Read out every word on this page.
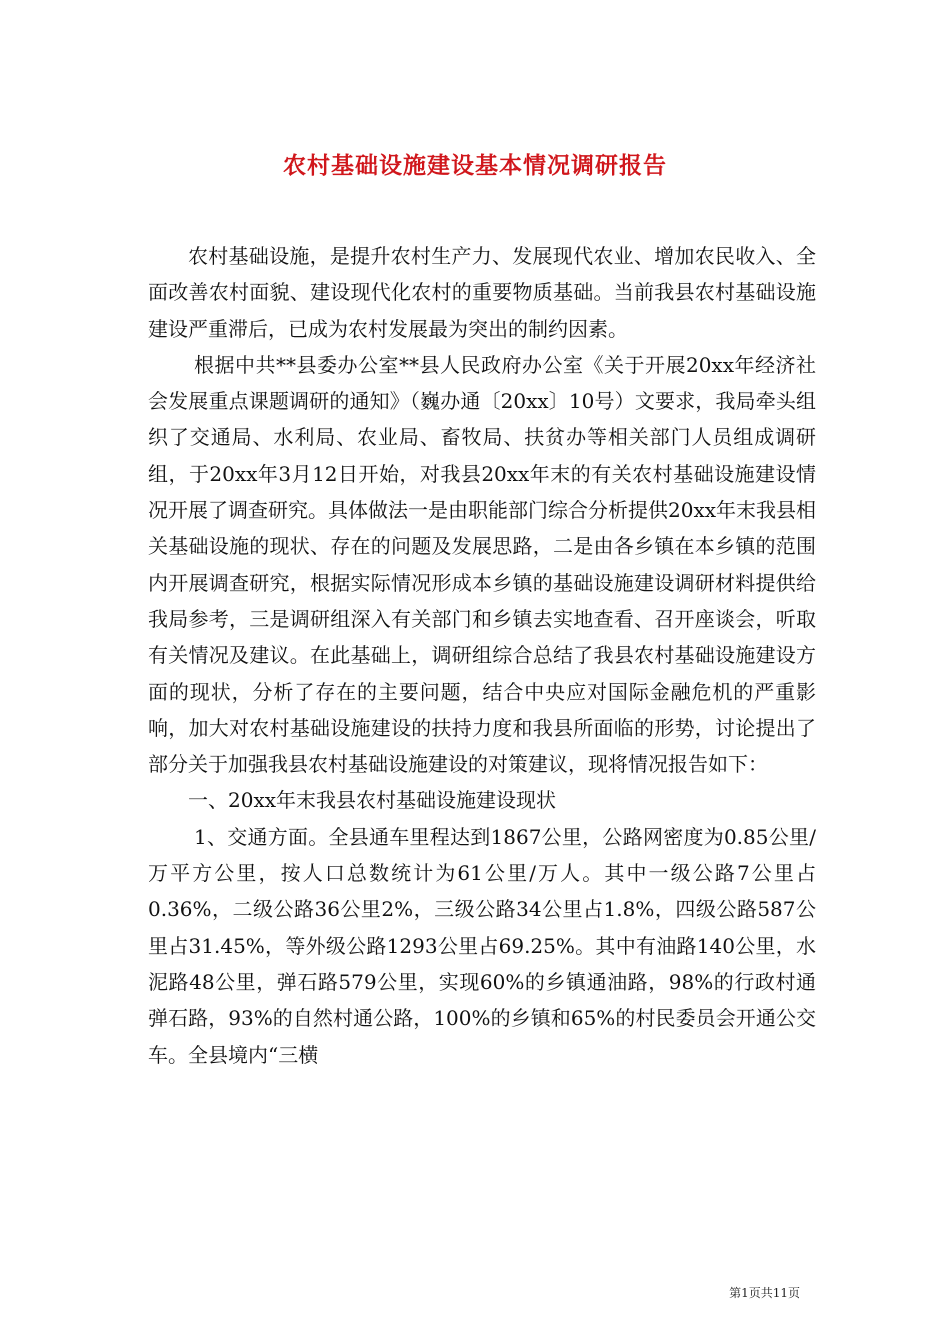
农村基础设施建设基本情况调研报告

农村基础设施，是提升农村生产力、发展现代农业、增加农民收入、全面改善农村面貌、建设现代化农村的重要物质基础。当前我县农村基础设施建设严重滞后，已成为农村发展最为突出的制约因素。

根据中共**县委办公室**县人民政府办公室《关于开展20xx年经济社会发展重点课题调研的通知》（巍办通〔20xx〕10号）文要求，我局牵头组织了交通局、水利局、农业局、畜牧局、扶贫办等相关部门人员组成调研组，于20xx年3月12日开始，对我县20xx年末的有关农村基础设施建设情况开展了调查研究。具体做法一是由职能部门综合分析提供20xx年末我县相关基础设施的现状、存在的问题及发展思路，二是由各乡镇在本乡镇的范围内开展调查研究，根据实际情况形成本乡镇的基础设施建设调研材料提供给我局参考，三是调研组深入有关部门和乡镇去实地查看、召开座谈会，听取有关情况及建议。在此基础上，调研组综合总结了我县农村基础设施建设方面的现状，分析了存在的主要问题，结合中央应对国际金融危机的严重影响，加大对农村基础设施建设的扶持力度和我县所面临的形势，讨论提出了部分关于加强我县农村基础设施建设的对策建议，现将情况报告如下：

一、20xx年末我县农村基础设施建设现状

1、交通方面。全县通车里程达到1867公里，公路网密度为0.85公里/万平方公里，按人口总数统计为61公里/万人。其中一级公路7公里占0.36%，二级公路36公里2%，三级公路34公里占1.8%，四级公路587公里占31.45%，等外级公路1293公里占69.25%。其中有油路140公里，水泥路48公里，弹石路579公里，实现60%的乡镇通油路，98%的行政村通弹石路，93%的自然村通公路，100%的乡镇和65%的村民委员会开通公交车。全县境内“三横

第1页共11页
